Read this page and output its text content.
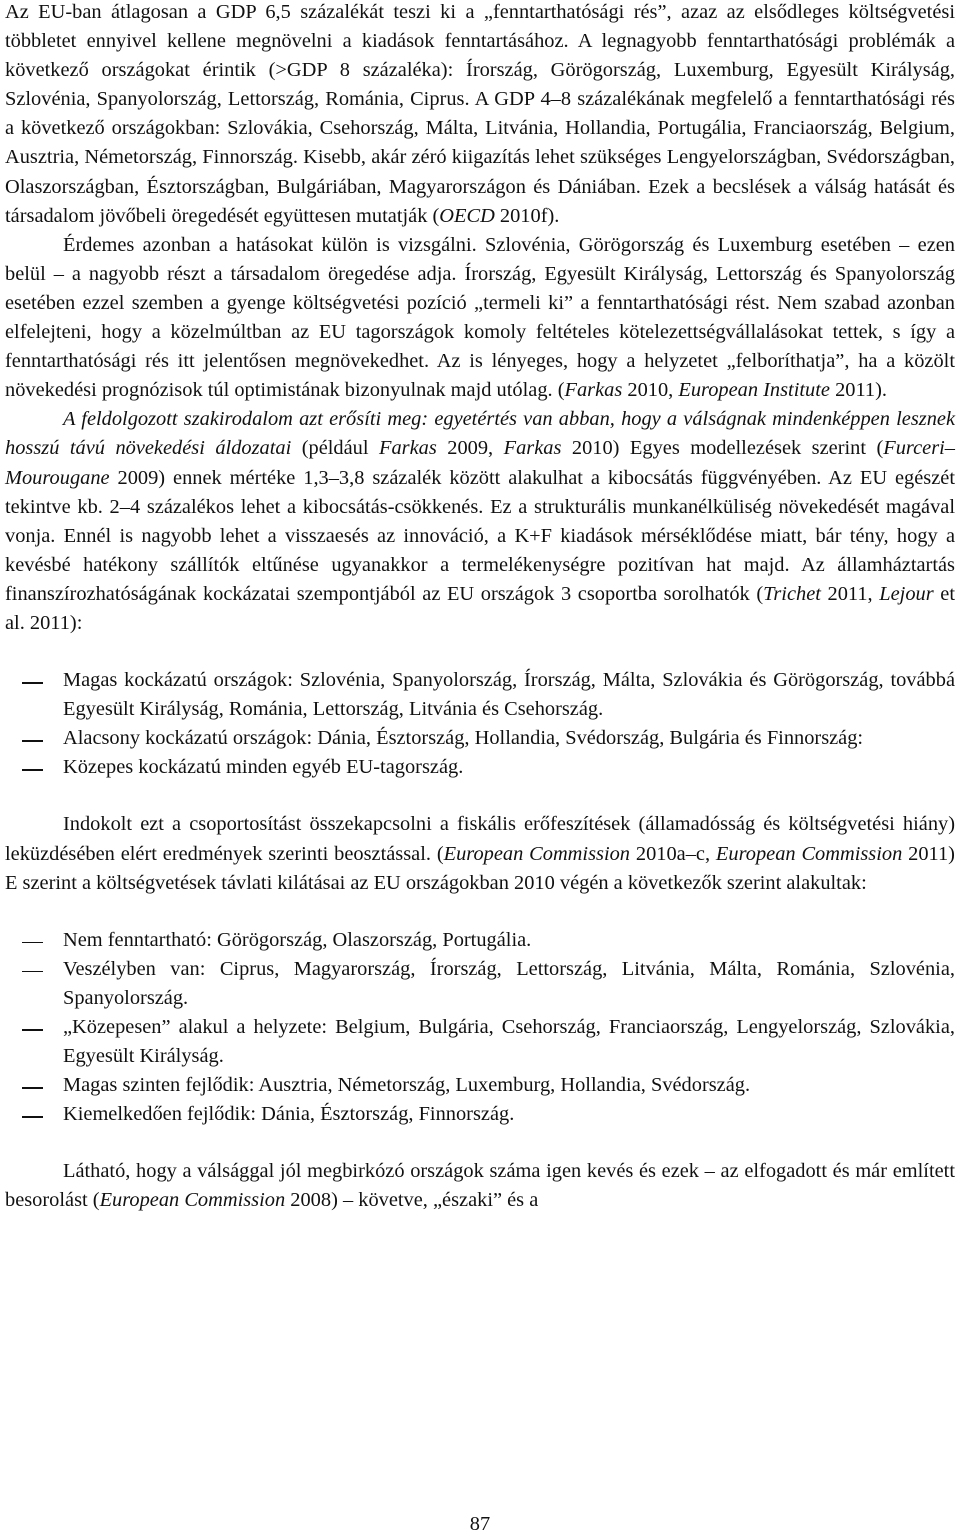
Az EU-ban átlagosan a GDP 6,5 százalékát teszi ki a „fenntarthatósági rés”, azaz az elsődleges költségvetési többletet ennyivel kellene megnövelni a kiadások fenntartásához. A legnagyobb fenntarthatósági problémák a következő országokat érintik (>GDP 8 százaléka): Írország, Görögország, Luxemburg, Egyesült Királyság, Szlovénia, Spanyolország, Lettország, Románia, Ciprus. A GDP 4–8 százalékának megfelelő a fenntarthatósági rés a következő országokban: Szlovákia, Csehország, Málta, Litvánia, Hollandia, Portugália, Franciaország, Belgium, Ausztria, Németország, Finnország. Kisebb, akár zéró kiigazítás lehet szükséges Lengyelországban, Svédországban, Olaszországban, Észtországban, Bulgáriában, Magyarországon és Dániában. Ezek a becslések a válság hatását és társadalom jövőbeli öregedését együttesen mutatják (OECD 2010f).

Érdemes azonban a hatásokat külön is vizsgálni. Szlovénia, Görögország és Luxemburg esetében – ezen belül – a nagyobb részt a társadalom öregedése adja. Írország, Egyesült Királyság, Lettország és Spanyolország esetében ezzel szemben a gyenge költségvetési pozíció „termeli ki” a fenntarthatósági rést. Nem szabad azonban elfelejteni, hogy a közelmúltban az EU tagországok komoly feltételes kötelezettségvállalásokat tettek, s így a fenntarthatósági rés itt jelentősen megnövekedhet. Az is lényeges, hogy a helyzetet „felboríthatja”, ha a közölt növekedési prognózisok túl optimistának bizonyulnak majd utólag. (Farkas 2010, European Institute 2011).

A feldolgozott szakirodalom azt erősíti meg: egyetértés van abban, hogy a válságnak mindenképpen lesznek hosszú távú növekedési áldozatai (például Farkas 2009, Farkas 2010) Egyes modellezések szerint (Furceri–Mourougane 2009) ennek mértéke 1,3–3,8 százalék között alakulhat a kibocsátás függvényében. Az EU egészét tekintve kb. 2–4 százalékos lehet a kibocsátás-csökkenés. Ez a strukturális munkanélküliség növekedését magával vonja. Ennél is nagyobb lehet a visszaesés az innováció, a K+F kiadások mérséklődése miatt, bár tény, hogy a kevésbé hatékony szállítók eltűnése ugyanakkor a termelékenységre pozitívan hat majd. Az államháztartás finanszírozhatóságának kockázatai szempontjából az EU országok 3 csoportba sorolhatók (Trichet 2011, Lejour et al. 2011):

Magas kockázatú országok: Szlovénia, Spanyolország, Írország, Málta, Szlovákia és Görögország, továbbá Egyesült Királyság, Románia, Lettország, Litvánia és Csehország.
Alacsony kockázatú országok: Dánia, Észtország, Hollandia, Svédország, Bulgária és Finnország:
Közepes kockázatú minden egyéb EU-tagország.

Indokolt ezt a csoportosítást összekapcsolni a fiskális erőfeszítések (államadósság és költségvetési hiány) leküzdésében elért eredmények szerinti beosztással. (European Commission 2010a–c, European Commission 2011) E szerint a költségvetések távlati kilátásai az EU országokban 2010 végén a következők szerint alakultak:

Nem fenntartható: Görögország, Olaszország, Portugália.
Veszélyben van: Ciprus, Magyarország, Írország, Lettország, Litvánia, Málta, Románia, Szlovénia, Spanyolország.
„Közepesen” alakul a helyzete: Belgium, Bulgária, Csehország, Franciaország, Lengyelország, Szlovákia, Egyesült Királyság.
Magas szinten fejlődik: Ausztria, Németország, Luxemburg, Hollandia, Svédország.
Kiemelkedően fejlődik: Dánia, Észtország, Finnország.

Látható, hogy a válsággal jól megbirkózó országok száma igen kevés és ezek – az elfogadott és már említett besorolást (European Commission 2008) – követve, „északi” és a

87
